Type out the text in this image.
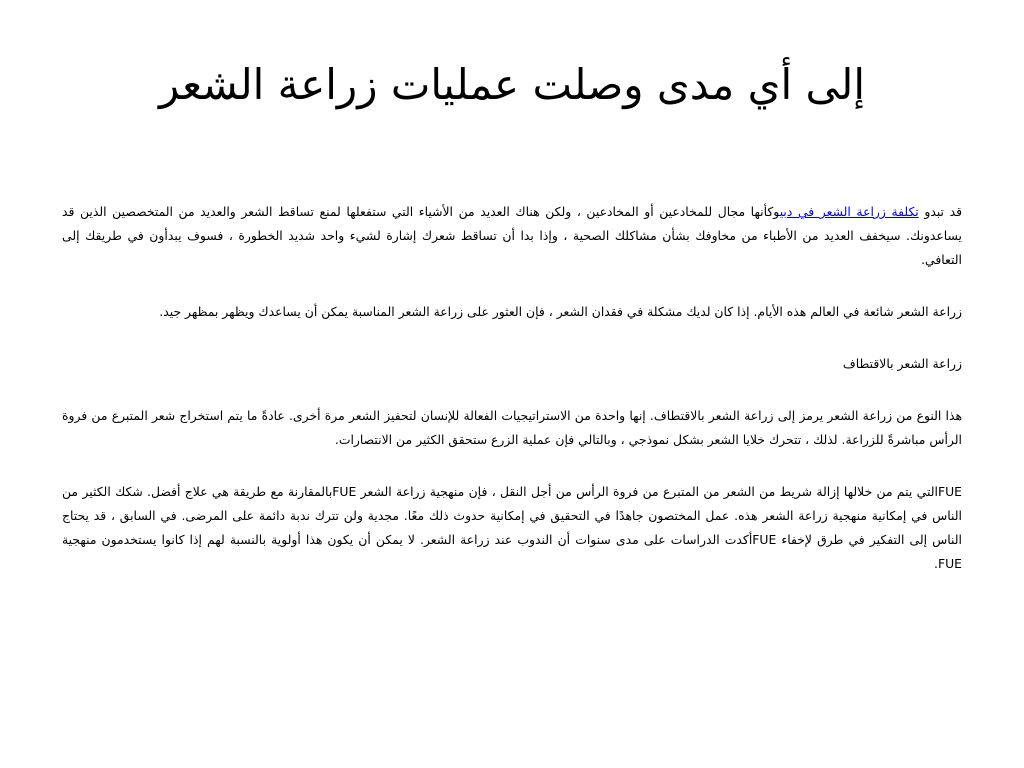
إلى أي مدى وصلت عمليات زراعة الشعر

قد تبدو تكلفة زراعة الشعر في دبيوكأنها مجال للمخادعين أو المخادعين ، ولكن هناك العديد من الأشياء التي ستفعلها لمنع تساقط الشعر والعديد من المتخصصين الذين قد يساعدونك. سيخفف العديد من الأطباء من مخاوفك بشأن مشاكلك الصحية ، وإذا بدا أن تساقط شعرك إشارة لشيء واحد شديد الخطورة ، فسوف يبدأون في طريقك إلى التعافي.

زراعة الشعر شائعة في العالم هذه الأيام. إذا كان لديك مشكلة في فقدان الشعر ، فإن العثور على زراعة الشعر المناسبة يمكن أن يساعدك ويظهر بمظهر جيد.

زراعة الشعر بالاقتطاف

هذا النوع من زراعة الشعر يرمز إلى زراعة الشعر بالاقتطاف. إنها واحدة من الاستراتيجيات الفعالة للإنسان لتحفيز الشعر مرة أخرى. عادةً ما يتم استخراج شعر المتبرع من فروة الرأس مباشرةً للزراعة. لذلك ، تتحرك خلايا الشعر بشكل نموذجي ، وبالتالي فإن عملية الزرع ستحقق الكثير من الانتصارات.

FUEالتي يتم من خلالها إزالة شريط من الشعر من المتبرع من فروة الرأس من أجل النقل ، فإن منهجية زراعة الشعر FUEبالمقارنة مع طريقة هي علاج أفضل. شكك الكثير من الناس في إمكانية منهجية زراعة الشعر هذه. عمل المختصون جاهدًا في التحقيق في إمكانية حدوث ذلك معًا. مجدية ولن تترك ندبة دائمة على المرضى. في السابق ، قد يحتاج الناس إلى التفكير في طرق لإخفاء FUEأكدت الدراسات على مدى سنوات أن الندوب عند زراعة الشعر. لا يمكن أن يكون هذا أولوية بالنسبة لهم إذا كانوا يستخدمون منهجية FUE.
